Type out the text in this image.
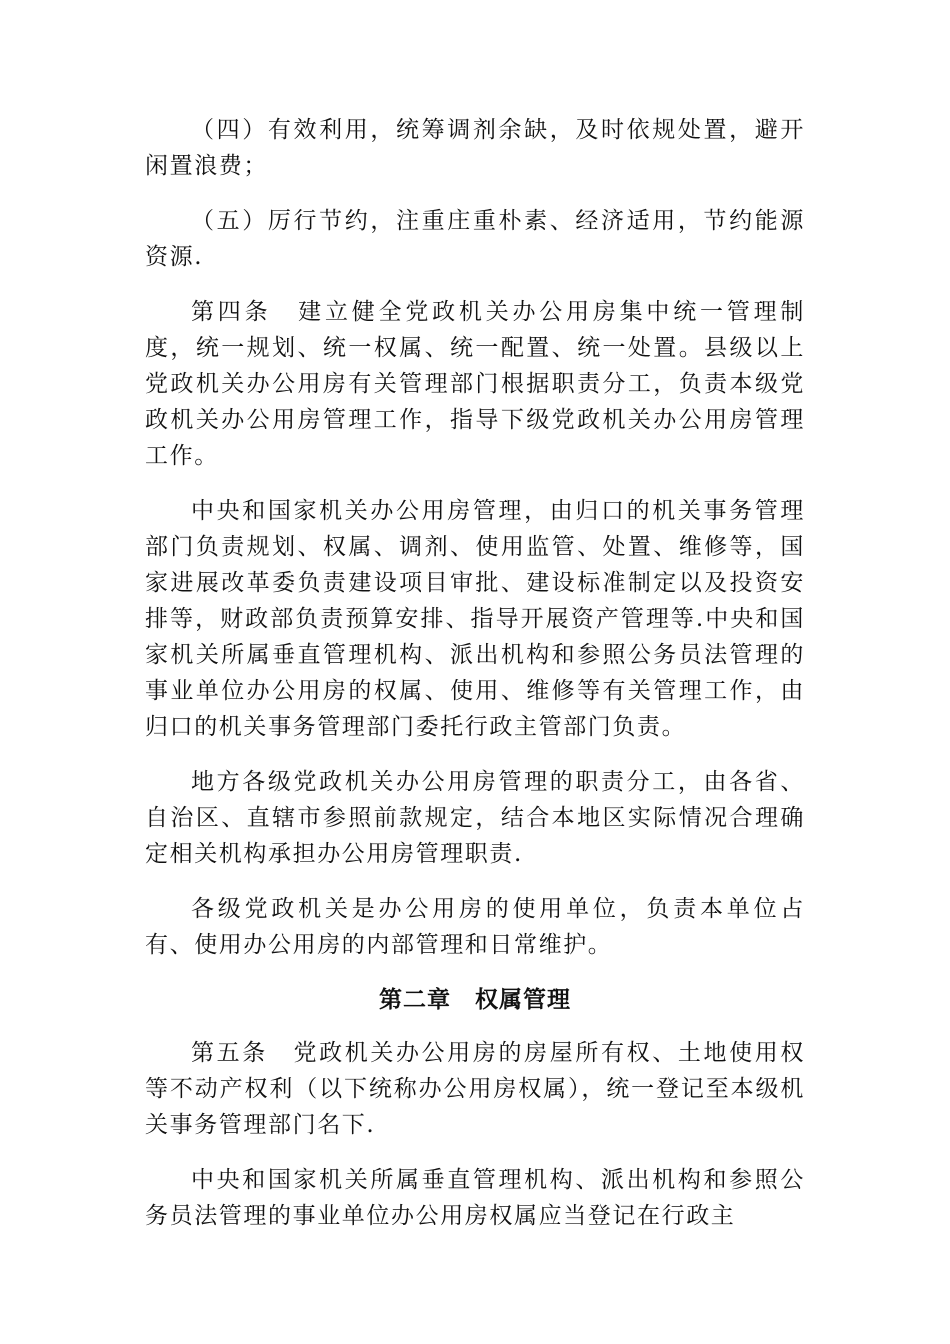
（四）有效利用，统筹调剂余缺，及时依规处置，避开闲置浪费；

（五）厉行节约，注重庄重朴素、经济适用，节约能源资源.

第四条　建立健全党政机关办公用房集中统一管理制度，统一规划、统一权属、统一配置、统一处置。县级以上党政机关办公用房有关管理部门根据职责分工，负责本级党政机关办公用房管理工作，指导下级党政机关办公用房管理工作。

中央和国家机关办公用房管理，由归口的机关事务管理部门负责规划、权属、调剂、使用监管、处置、维修等，国家进展改革委负责建设项目审批、建设标准制定以及投资安排等，财政部负责预算安排、指导开展资产管理等.中央和国家机关所属垂直管理机构、派出机构和参照公务员法管理的事业单位办公用房的权属、使用、维修等有关管理工作，由归口的机关事务管理部门委托行政主管部门负责。

地方各级党政机关办公用房管理的职责分工，由各省、自治区、直辖市参照前款规定，结合本地区实际情况合理确定相关机构承担办公用房管理职责.

各级党政机关是办公用房的使用单位，负责本单位占有、使用办公用房的内部管理和日常维护。

第二章　权属管理

第五条　党政机关办公用房的房屋所有权、土地使用权等不动产权利（以下统称办公用房权属），统一登记至本级机关事务管理部门名下.

中央和国家机关所属垂直管理机构、派出机构和参照公务员法管理的事业单位办公用房权属应当登记在行政主
